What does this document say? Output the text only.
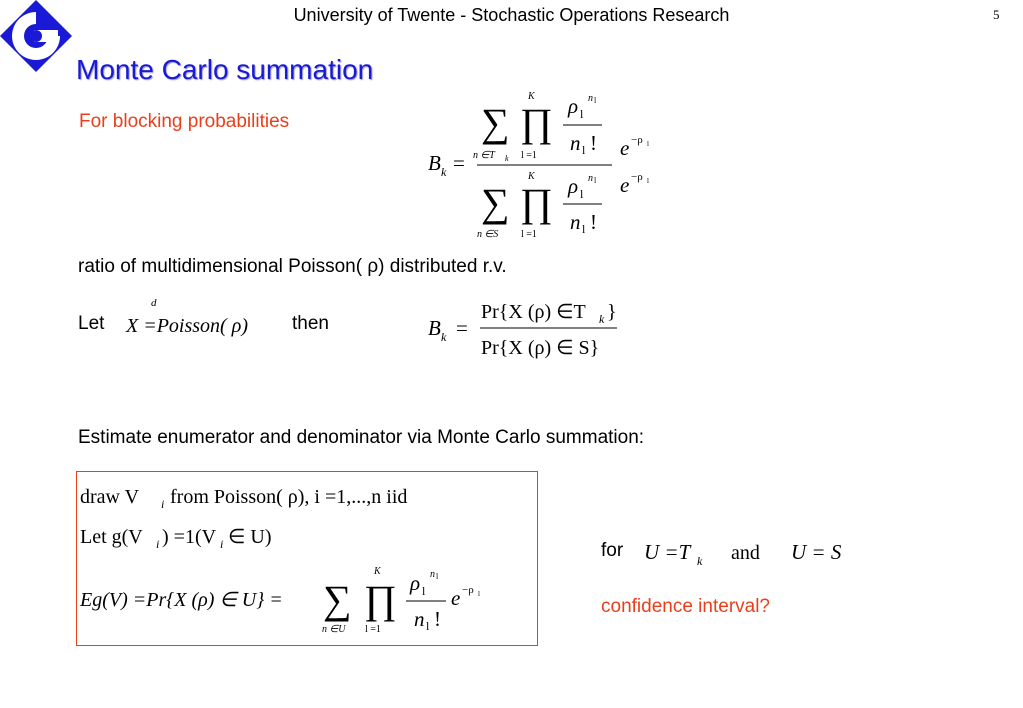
University of Twente - Stochastic Operations Research	5
Monte Carlo summation
For blocking probabilities
B k =
∑
n ∈T k
K
∏
l =1
ρ l
n l
n l ! e −ρ l
∑
n ∈S
K
∏
l =1
ρ l
n l
n l !
e −ρ l
ratio of multidimensional Poisson( ρ) distributed r.v.
Let
d
X =Poisson( ρ) then	B k =
Pr{X (ρ) ∈T k }
Pr{X (ρ) ∈ S}
Estimate enumerator and denominator via Monte Carlo summation:
draw V i from Poisson( ρ), i =1,...,n iid
Let g(V i ) =1(V i ∈ U)
Eg(V) =Pr{X (ρ) ∈ U} = ∑
n ∈U
K
∏
l =1
ρ l
n l
n l !
e −ρ l
for U =T k and U = S
confidence interval?
